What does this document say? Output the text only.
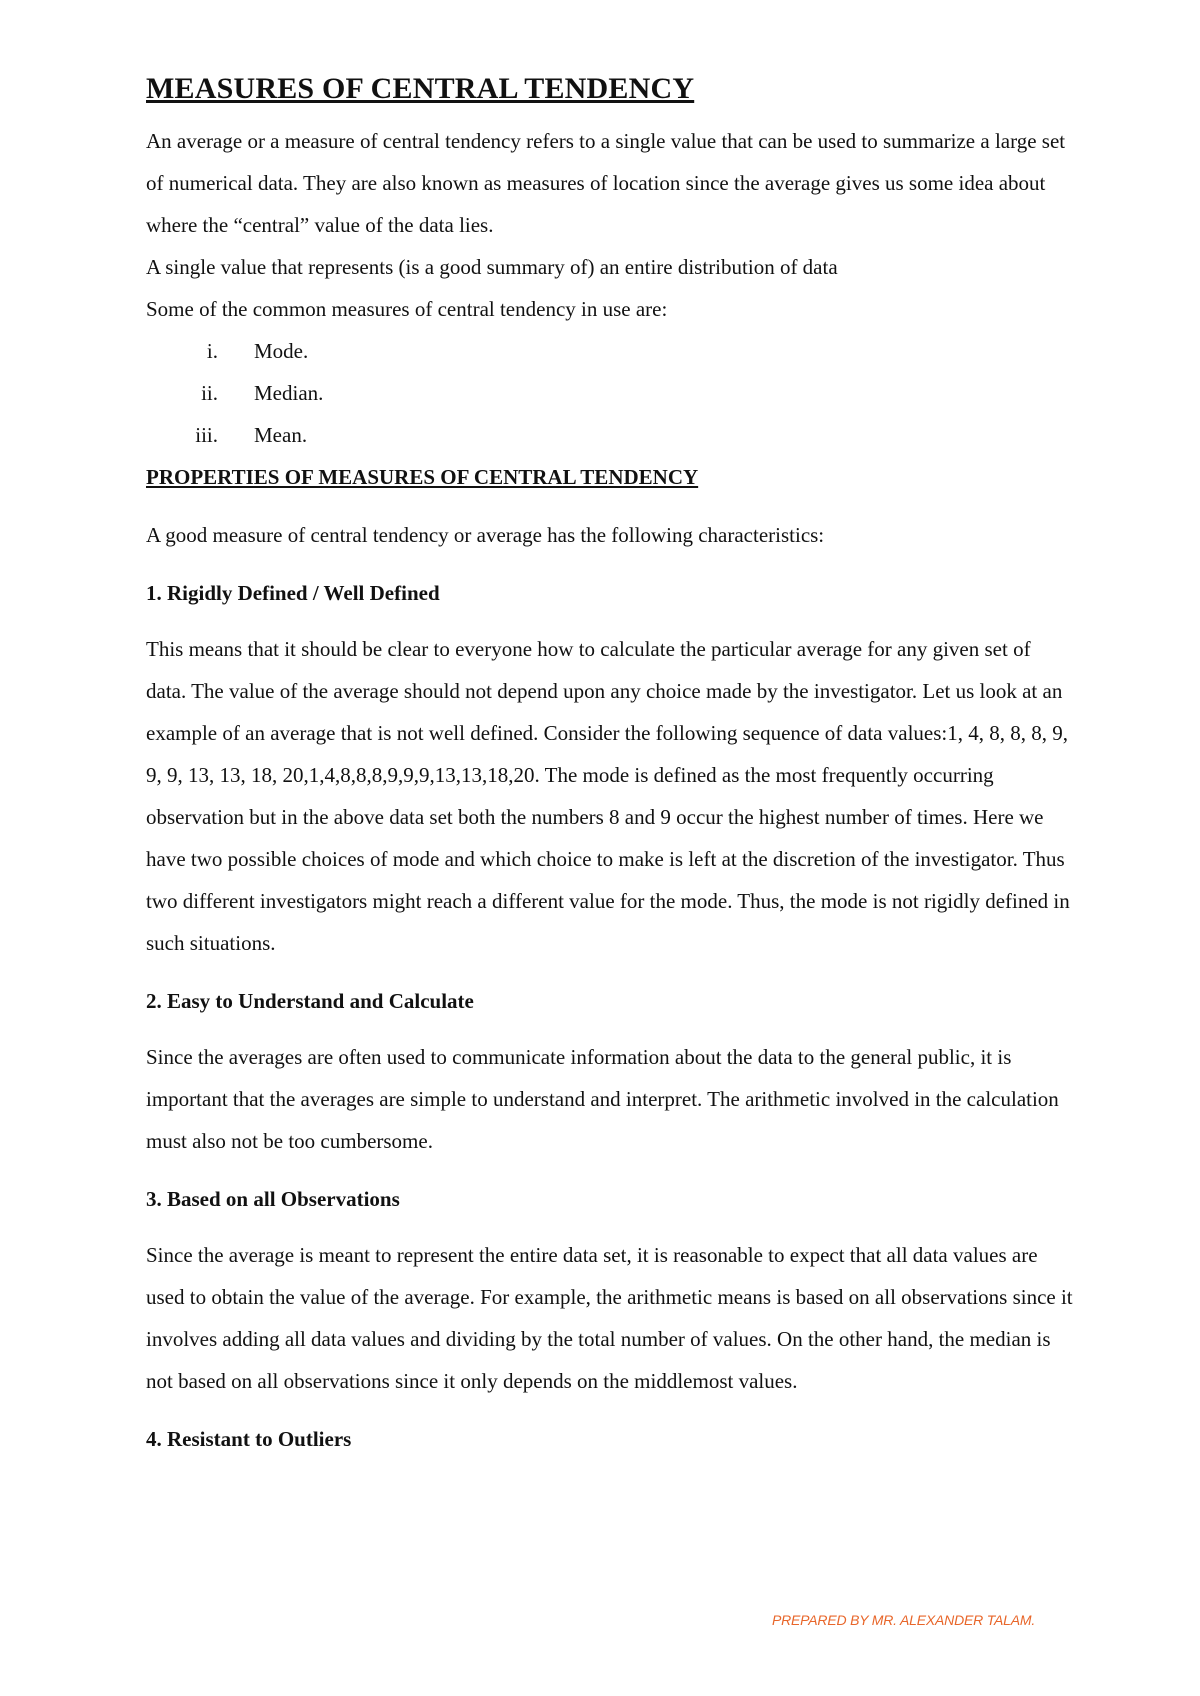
MEASURES OF CENTRAL TENDENCY

An average or a measure of central tendency refers to a single value that can be used to summarize a large set of numerical data. They are also known as measures of location since the average gives us some idea about where the “central” value of the data lies.

A single value that represents (is a good summary of) an entire distribution of data

Some of the common measures of central tendency in use are:

i.	Mode.
ii.	Median.
iii.	Mean.
PROPERTIES OF MEASURES OF CENTRAL TENDENCY

A good measure of central tendency or average has the following characteristics:

1. Rigidly Defined / Well Defined

This means that it should be clear to everyone how to calculate the particular average for any given set of data. The value of the average should not depend upon any choice made by the investigator. Let us look at an example of an average that is not well defined. Consider the following sequence of data values:1, 4, 8, 8, 8, 9, 9, 9, 13, 13, 18, 20,1,4,8,8,8,9,9,9,13,13,18,20. The mode is defined as the most frequently occurring observation but in the above data set both the numbers 8 and 9 occur the highest number of times. Here we have two possible choices of mode and which choice to make is left at the discretion of the investigator. Thus two different investigators might reach a different value for the mode. Thus, the mode is not rigidly defined in such situations.

2. Easy to Understand and Calculate

Since the averages are often used to communicate information about the data to the general public, it is important that the averages are simple to understand and interpret. The arithmetic involved in the calculation must also not be too cumbersome.

3. Based on all Observations

Since the average is meant to represent the entire data set, it is reasonable to expect that all data values are used to obtain the value of the average. For example, the arithmetic means is based on all observations since it involves adding all data values and dividing by the total number of values. On the other hand, the median is not based on all observations since it only depends on the middlemost values.

4. Resistant to Outliers
PREPARED BY MR. ALEXANDER TALAM.
